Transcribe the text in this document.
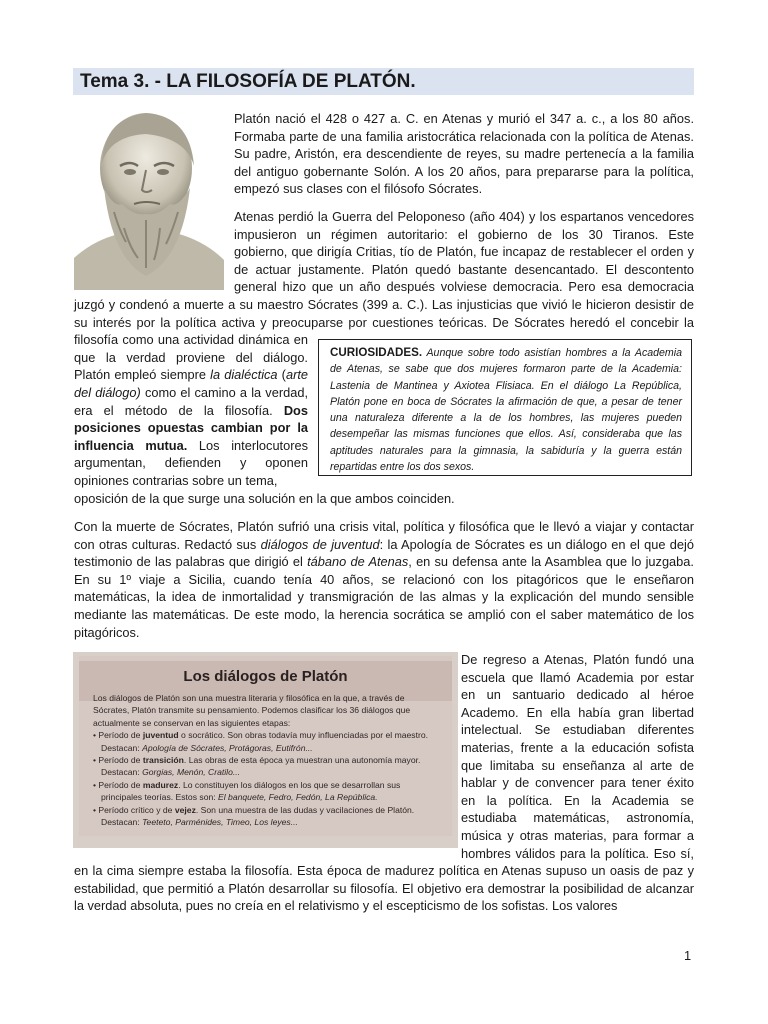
Tema 3. - LA FILOSOFÍA DE PLATÓN.

Platón nació el 428 o 427 a. C. en Atenas y murió el 347 a. c., a los 80 años. Formaba parte de una familia aristocrática relacionada con la política de Atenas. Su padre, Aristón, era descendiente de reyes, su madre pertenecía a la familia del antiguo gobernante Solón. A los 20 años, para prepararse para la política, empezó sus clases con el filósofo Sócrates.

Atenas perdió la Guerra del Peloponeso (año 404) y los espartanos vencedores

impusieron un régimen autoritario: el gobierno de los 30 Tiranos. Este

gobierno, que dirigía Critias, tío de Platón, fue incapaz de restablecer el orden y

de actuar justamente. Platón quedó bastante desencantado. El descontento

general hizo que un año después volviese democracia. Pero esa democracia

juzgó y condenó a muerte a su maestro Sócrates (399 a. C.). Las injusticias que vivió le hicieron desistir de

su interés por la política activa y preocuparse por cuestiones teóricas. De Sócrates heredó el concebir la

filosofía como una actividad dinámica en que la verdad proviene del diálogo. Platón empleó siempre la dialéctica (arte del diálogo) como el camino a la verdad, era el método de la filosofía. Dos posiciones opuestas cambian por la influencia mutua. Los interlocutores argumentan, defienden y oponen opiniones contrarias sobre un tema,

oposición de la que surge una solución en la que ambos coinciden.

CURIOSIDADES. Aunque sobre todo asistían hombres a la Academia de Atenas, se sabe que dos mujeres formaron parte de la Academia: Lastenia de Mantinea y Axiotea Flisiaca. En el diálogo La República, Platón pone en boca de Sócrates la afirmación de que, a pesar de tener una naturaleza diferente a la de los hombres, las mujeres pueden desempeñar las mismas funciones que ellos. Así, consideraba que las aptitudes naturales para la gimnasia, la sabiduría y la guerra están repartidas entre los dos sexos.

Con la muerte de Sócrates, Platón sufrió una crisis vital, política y filosófica que le llevó a viajar y contactar con otras culturas. Redactó sus diálogos de juventud: la Apología de Sócrates es un diálogo en el que dejó testimonio de las palabras que dirigió el tábano de Atenas, en su defensa ante la Asamblea que lo juzgaba. En su 1º viaje a Sicilia, cuando tenía 40 años, se relacionó con los pitagóricos que le enseñaron matemáticas, la idea de inmortalidad y transmigración de las almas y la explicación del mundo sensible mediante las matemáticas. De este modo, la herencia socrática se amplió con el saber matemático de los pitagóricos.

Los diálogos de Platón

Los diálogos de Platón son una muestra literaria y filosófica en la que, a través de Sócrates, Platón transmite su pensamiento. Podemos clasificar los 36 diálogos que actualmente se conservan en las siguientes etapas:

• Período de juventud o socrático. Son obras todavía muy influenciadas por el maestro. Destacan: Apología de Sócrates, Protágoras, Eutifrón...
• Período de transición. Las obras de esta época ya muestran una autonomía mayor. Destacan: Gorgias, Menón, Cratilo...
• Período de madurez. Lo constituyen los diálogos en los que se desarrollan sus principales teorías. Estos son: El banquete, Fedro, Fedón, La República.
• Período crítico y de vejez. Son una muestra de las dudas y vacilaciones de Platón. Destacan: Teeteto, Parménides, Timeo, Los leyes...

De regreso a Atenas, Platón fundó una

escuela que llamó Academia por estar

en un santuario dedicado al héroe

Academo. En ella había gran libertad

intelectual. Se estudiaban diferentes

materias, frente a la educación sofista

que limitaba su enseñanza al arte de

hablar y de convencer para tener éxito

en la política. En la Academia se

estudiaba matemáticas, astronomía,

música y otras materias, para formar a

hombres válidos para la política. Eso sí,

en la cima siempre estaba la filosofía. Esta época de madurez política en Atenas supuso un oasis de paz y estabilidad, que permitió a Platón desarrollar su filosofía. El objetivo era demostrar la posibilidad de alcanzar la verdad absoluta, pues no creía en el relativismo y el escepticismo de los sofistas. Los valores

1
